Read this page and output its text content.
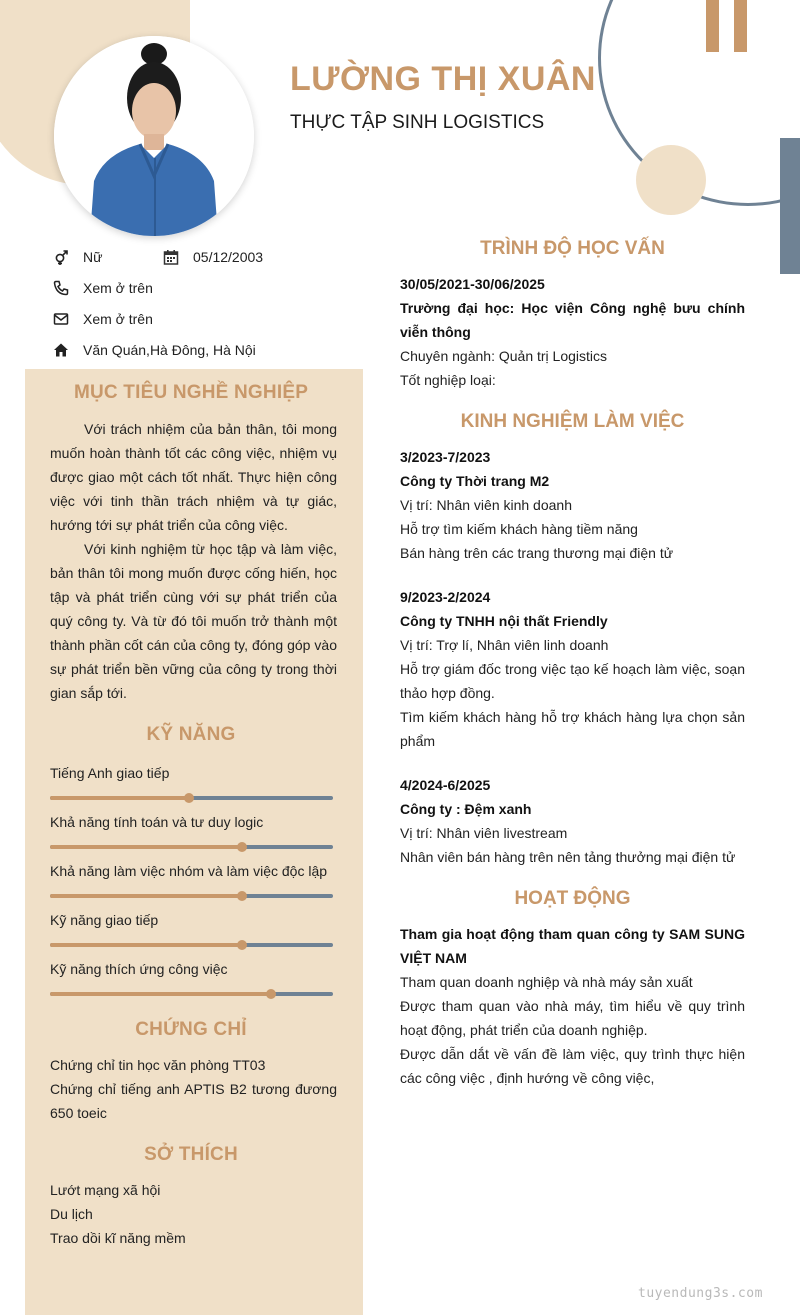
LƯỜNG THỊ XUÂN
THỰC TẬP SINH LOGISTICS
Nữ	05/12/2003
Xem ở trên
Xem ở trên
Văn Quán,Hà Đông, Hà Nội
MỤC TIÊU NGHỀ NGHIỆP

Với trách nhiệm của bản thân, tôi mong muốn hoàn thành tốt các công việc, nhiệm vụ được giao một cách tốt nhất. Thực hiện công việc với tinh thần trách nhiệm và tự giác, hướng tới sự phát triển của công việc.

Với kinh nghiệm từ học tập và làm việc, bản thân tôi mong muốn được cống hiến, học tập và phát triển cùng với sự phát triển của quý công ty. Và từ đó tôi muốn trở thành một thành phần cốt cán của công ty, đóng góp vào sự phát triển bền vững của công ty trong thời gian sắp tới.

KỸ NĂNG
Tiếng Anh giao tiếp
Khả năng tính toán và tư duy logic
Khả năng làm việc nhóm và làm việc độc lập
Kỹ năng giao tiếp
Kỹ năng thích ứng công việc
CHỨNG CHỈ
Chứng chỉ tin học văn phòng TT03
Chứng chỉ tiếng anh APTIS B2 tương đương 650 toeic
SỞ THÍCH
Lướt mạng xã hội
Du lịch
Trao dồi kĩ năng mềm
TRÌNH ĐỘ HỌC VẤN
30/05/2021-30/06/2025
Trường đại học: Học viện Công nghệ bưu chính viễn thông
Chuyên ngành: Quản trị Logistics
Tốt nghiệp loại:
KINH NGHIỆM LÀM VIỆC
3/2023-7/2023
Công ty Thời trang M2
Vị trí: Nhân viên kinh doanh
Hỗ trợ tìm kiếm khách hàng tiềm năng
Bán hàng trên các trang thương mại điện tử
9/2023-2/2024
Công ty TNHH nội thất Friendly
Vị trí: Trợ lí, Nhân viên linh doanh
Hỗ trợ giám đốc trong việc tạo kế hoạch làm việc, soạn thảo hợp đồng.
Tìm kiếm khách hàng hỗ trợ khách hàng lựa chọn sản phẩm
4/2024-6/2025
Công ty : Đệm xanh
Vị trí: Nhân viên livestream
Nhân viên bán hàng trên nên tảng thưởng mại điện tử
HOẠT ĐỘNG
Tham gia hoạt động tham quan công ty SAM SUNG VIỆT NAM
Tham quan doanh nghiệp và nhà máy sản xuất
Được tham quan vào nhà máy, tìm hiểu về quy trình hoạt động, phát triển của doanh nghiệp.
Được dẫn dắt về vấn đề làm việc, quy trình thực hiện các công việc , định hướng về công việc,
tuyendung3s.com
